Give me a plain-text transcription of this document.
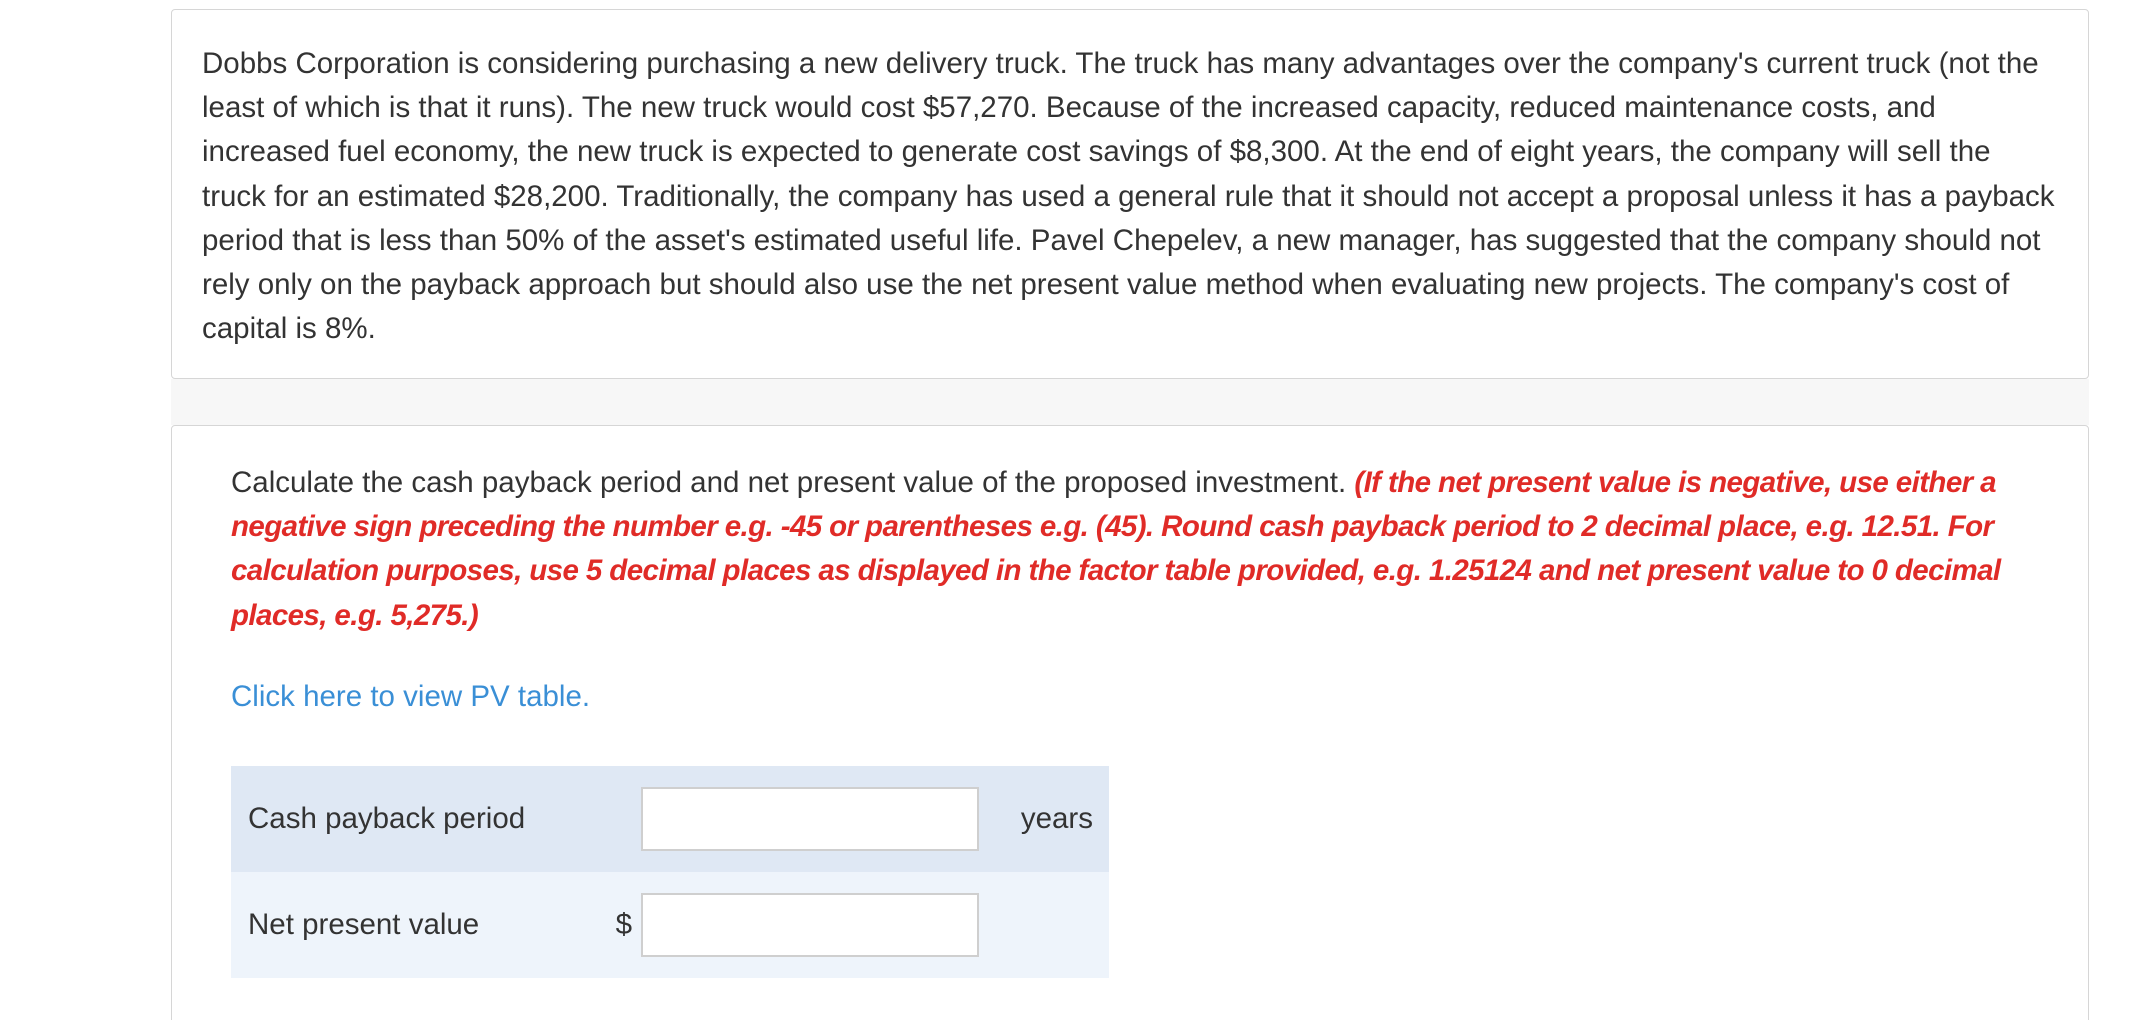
Dobbs Corporation is considering purchasing a new delivery truck. The truck has many advantages over the company's current truck (not the least of which is that it runs). The new truck would cost $57,270. Because of the increased capacity, reduced maintenance costs, and increased fuel economy, the new truck is expected to generate cost savings of $8,300. At the end of eight years, the company will sell the truck for an estimated $28,200. Traditionally, the company has used a general rule that it should not accept a proposal unless it has a payback period that is less than 50% of the asset's estimated useful life. Pavel Chepelev, a new manager, has suggested that the company should not rely only on the payback approach but should also use the net present value method when evaluating new projects. The company's cost of capital is 8%.

Calculate the cash payback period and net present value of the proposed investment. (If the net present value is negative, use either a negative sign preceding the number e.g. -45 or parentheses e.g. (45). Round cash payback period to 2 decimal place, e.g. 12.51. For calculation purposes, use 5 decimal places as displayed in the factor table provided, e.g. 1.25124 and net present value to 0 decimal places, e.g. 5,275.)

Click here to view PV table.
Cash payback period			years
Net present value	$		
